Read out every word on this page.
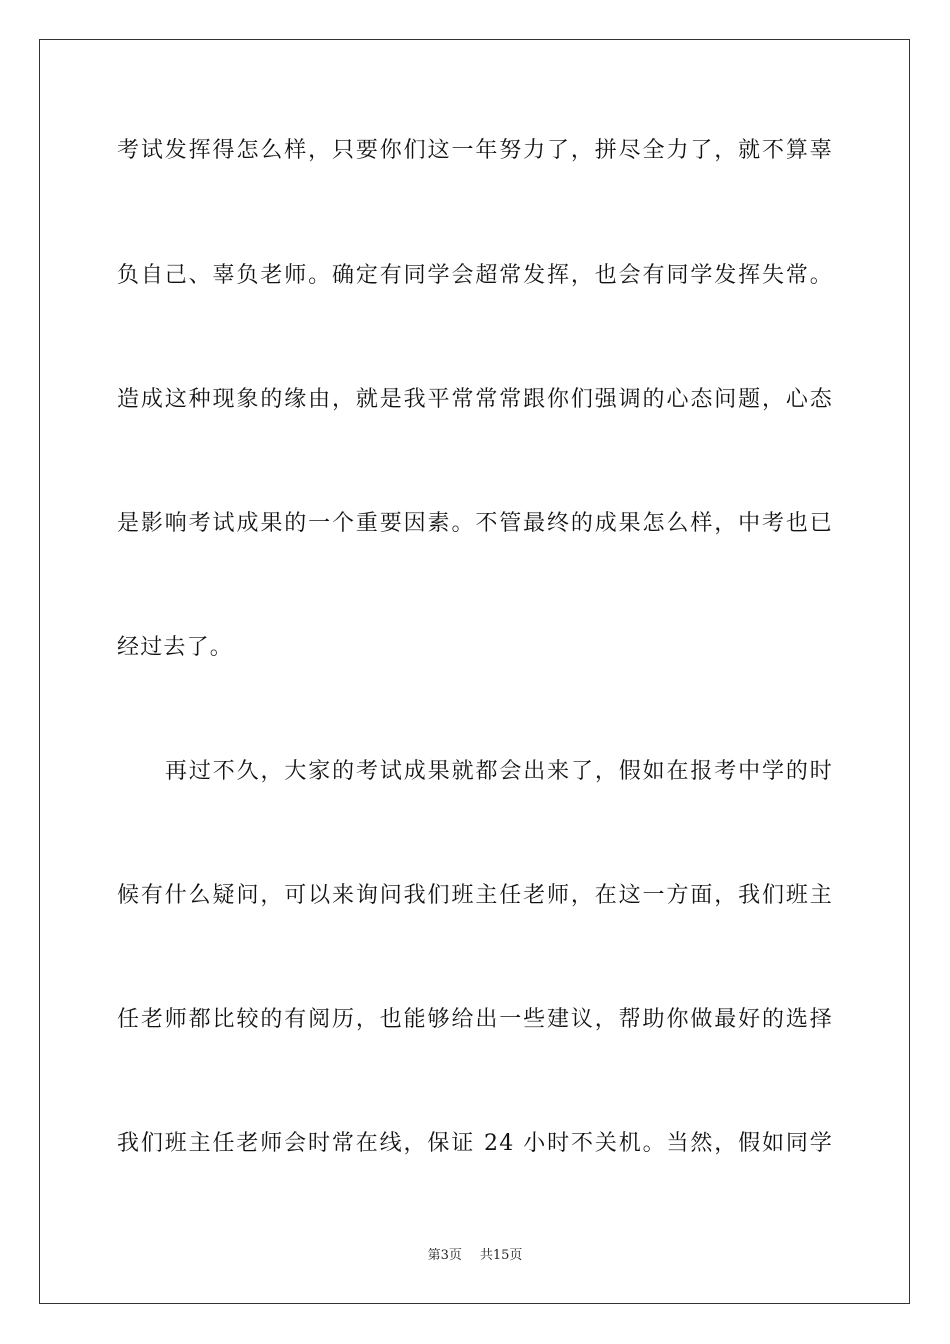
考试发挥得怎么样，只要你们这一年努力了，拼尽全力了，就不算辜
负自己、辜负老师。确定有同学会超常发挥，也会有同学发挥失常。
造成这种现象的缘由，就是我平常常常跟你们强调的心态问题，心态
是影响考试成果的一个重要因素。不管最终的成果怎么样，中考也已
经过去了。
再过不久，大家的考试成果就都会出来了，假如在报考中学的时
候有什么疑问，可以来询问我们班主任老师，在这一方面，我们班主
任老师都比较的有阅历，也能够给出一些建议，帮助你做最好的选择
我们班主任老师会时常在线，保证 24 小时不关机。当然，假如同学
第3页 共15页
